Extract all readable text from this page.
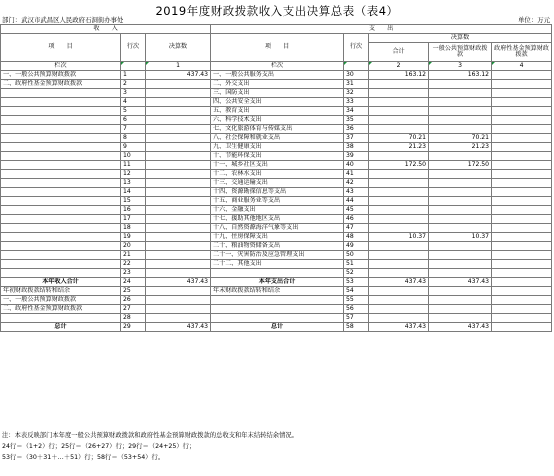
2019年度财政拨款收入支出决算总表（表4）
部门：武汉市武昌区人民政府石洞街办事处	单位：万元
收　　入			支　　出				
项　　目	行次	决算数	项　　目	行次	决算数		
					合计	一般公共预算财政拨款	政府性基金预算财政拨款
栏次		1	栏次		2	3	4
一、一般公共预算财政拨款	1	437.43	一、一般公共服务支出	30	163.12	163.12	
二、政府性基金预算财政拨款	2		二、外交支出	31			
	3		三、国防支出	32			
	4		四、公共安全支出	33			
	5		五、教育支出	34			
	6		六、科学技术支出	35			
	7		七、文化旅游体育与传媒支出	36			
	8		八、社会保障和就业支出	37	70.21	70.21	
	9		九、卫生健康支出	38	21.23	21.23	
	10		十、节能环保支出	39			
	11		十一、城乡社区支出	40	172.50	172.50	
	12		十二、农林水支出	41			
	13		十三、交通运输支出	42			
	14		十四、资源勘探信息等支出	43			
	15		十五、商业服务业等支出	44			
	16		十六、金融支出	45			
	17		十七、援助其他地区支出	46			
	18		十八、自然资源海洋气象等支出	47			
	19		十九、住房保障支出	48	10.37	10.37	
	20		二十、粮油物资储备支出	49			
	21		二十一、灾害防治及应急管理支出	50			
	22		二十二、其他支出	51			
	23			52			
本年收入合计	24	437.43	本年支出合计	53	437.43	437.43	
年初财政拨款结转和结余	25		年末财政拨款结转和结余	54			
一、一般公共预算财政拨款	26			55			
二、政府性基金预算财政拨款	27			56			
	28			57			
总计	29	437.43	总计	58	437.43	437.43	
注：本表反映部门本年度一般公共预算财政拨款和政府性基金预算财政拨款的总收支和年末结转结余情况。
24行＝（1+2）行；25行＝（26+27）行；29行＝（24+25）行；
53行＝（30＋31＋…＋51）行；58行＝（53+54）行。
